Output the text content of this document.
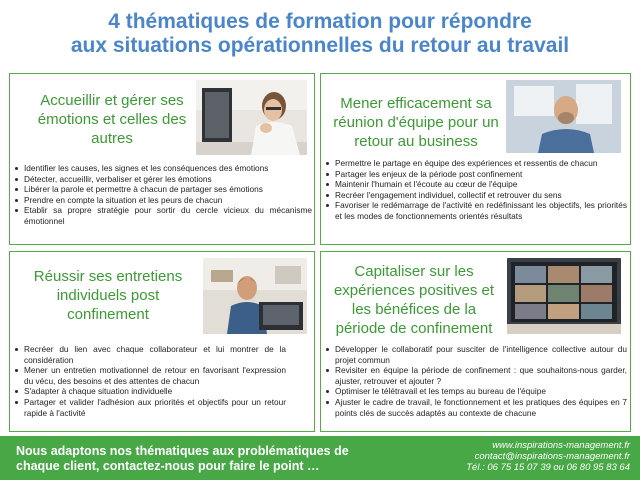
4 thématiques de formation pour répondre
aux situations opérationnelles du retour au travail
Accueillir et gérer ses émotions et celles des autres
Identifier les causes, les signes et les conséquences des émotions
Détecter, accueillir, verbaliser et gérer les émotions
Libérer la parole et permettre à chacun de partager ses émotions
Prendre en compte la situation et les peurs de chacun
Etablir sa propre stratégie pour sortir du cercle vicieux du mécanisme émotionnel
Mener efficacement sa réunion d'équipe pour un retour au business
Permettre le partage en équipe des expériences et ressentis de chacun
Partager les enjeux de la période post confinement
Maintenir l'humain et l'écoute au cœur de l'équipe
Recréer l'engagement individuel, collectif et retrouver du sens
Favoriser le redémarrage de l'activité en redéfinissant les objectifs, les priorités et les modes de fonctionnements orientés résultats
Réussir ses entretiens individuels post confinement
Recréer du lien avec chaque collaborateur et lui montrer de la considération
Mener un entretien motivationnel de retour en favorisant l'expression du vécu, des besoins et des attentes de chacun
S'adapter à chaque situation individuelle
Partager et valider l'adhésion aux priorités et objectifs pour un retour rapide à l'activité
Capitaliser sur les expériences positives et les bénéfices de la période de confinement
Développer le collaboratif pour susciter de l'intelligence collective autour du projet commun
Revisiter en équipe la période de confinement : que souhaitons-nous garder, ajuster, retrouver et ajouter ?
Optimiser le télétravail et les temps au bureau de l'équipe
Ajuster le cadre de travail, le fonctionnement et les pratiques des équipes en 7 points clés de succès adaptés au contexte de chacune
Nous adaptons nos thématiques aux problématiques de chaque client, contactez-nous pour faire le point …
www.inspirations-management.fr
contact@inspirations-management.fr
Tél.: 06 75 15 07 39 ou 06 80 95 83 64
